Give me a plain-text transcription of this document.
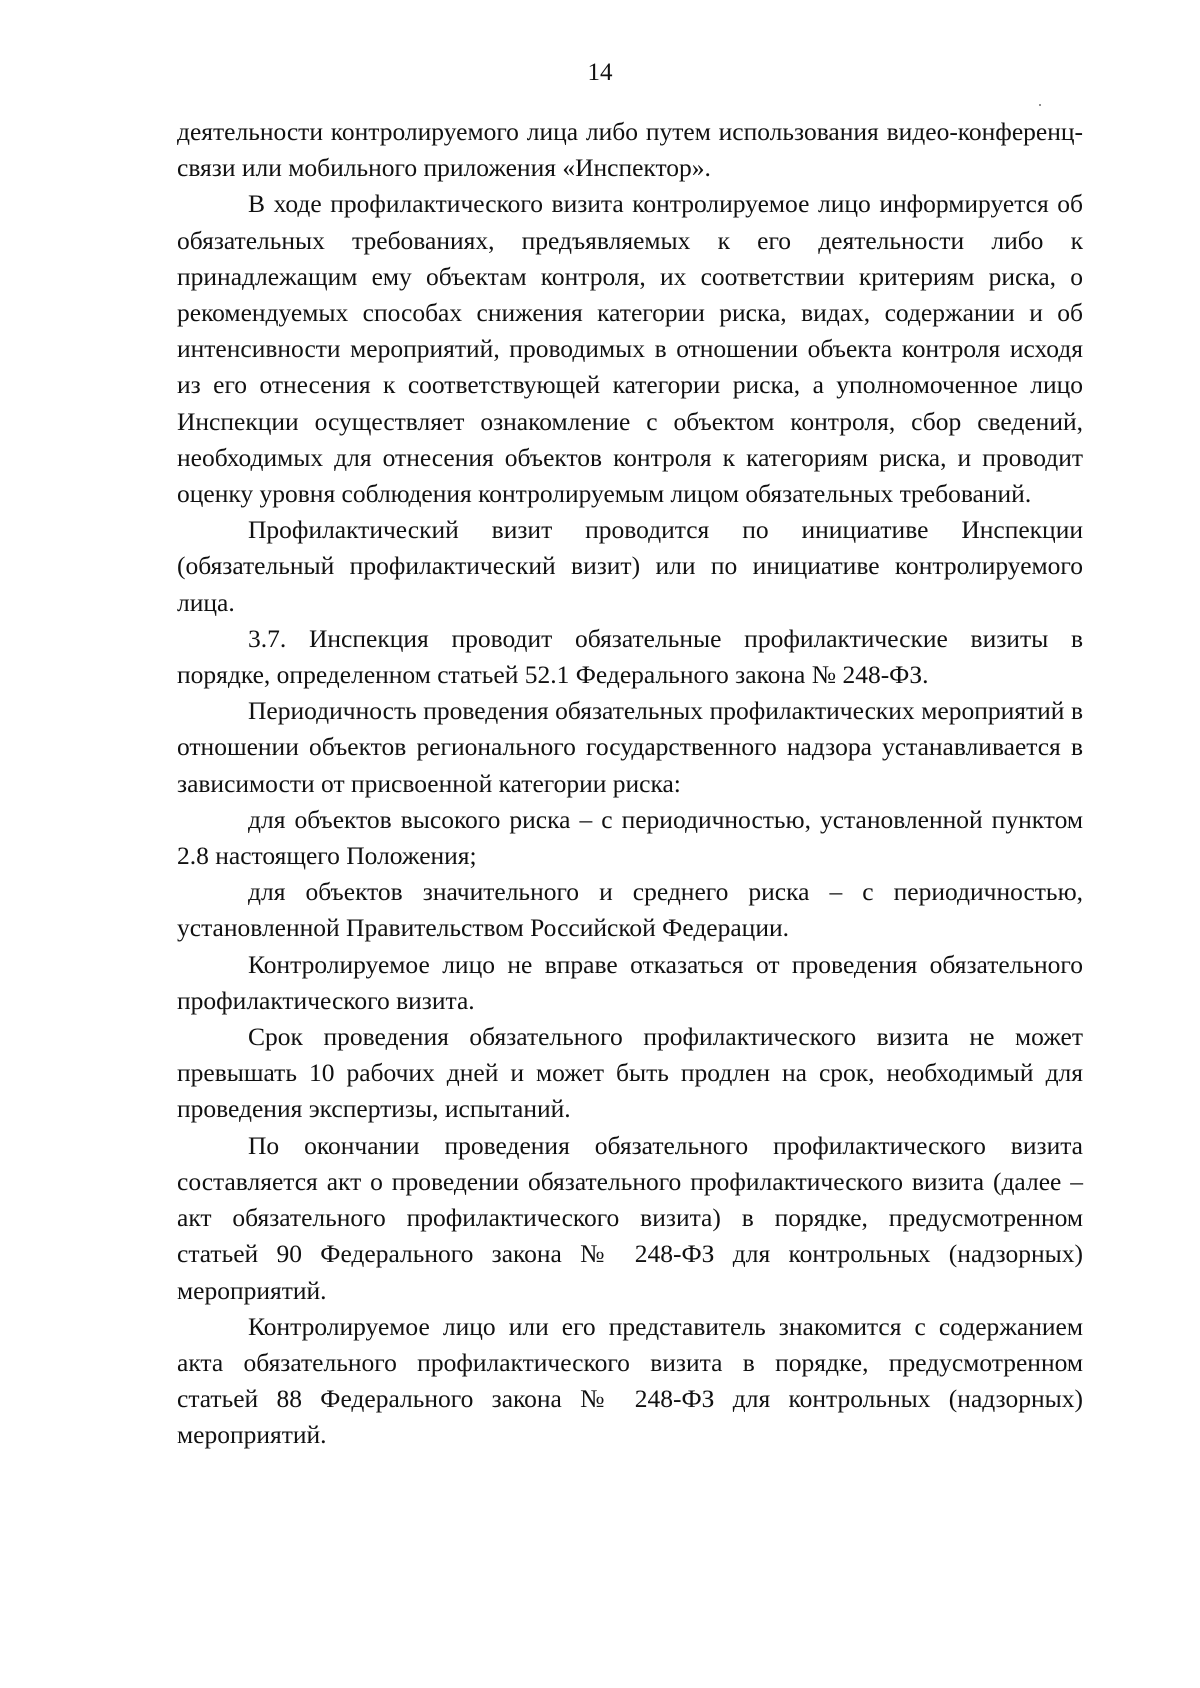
14

деятельности контролируемого лица либо путем использования видео-конференц-связи или мобильного приложения «Инспектор».

В ходе профилактического визита контролируемое лицо информируется об обязательных требованиях, предъявляемых к его деятельности либо к принадлежащим ему объектам контроля, их соответствии критериям риска, о рекомендуемых способах снижения категории риска, видах, содержании и об интенсивности мероприятий, проводимых в отношении объекта контроля исходя из его отнесения к соответствующей категории риска, а уполномоченное лицо Инспекции осуществляет ознакомление с объектом контроля, сбор сведений, необходимых для отнесения объектов контроля к категориям риска, и проводит оценку уровня соблюдения контролируемым лицом обязательных требований.

Профилактический визит проводится по инициативе Инспекции (обязательный профилактический визит) или по инициативе контролируемого лица.

3.7. Инспекция проводит обязательные профилактические визиты в порядке, определенном статьей 52.1 Федерального закона № 248-ФЗ.

Периодичность проведения обязательных профилактических мероприятий в отношении объектов регионального государственного надзора устанавливается в зависимости от присвоенной категории риска:

для объектов высокого риска – с периодичностью, установленной пунктом 2.8 настоящего Положения;

для объектов значительного и среднего риска – с периодичностью, установленной Правительством Российской Федерации.

Контролируемое лицо не вправе отказаться от проведения обязательного профилактического визита.

Срок проведения обязательного профилактического визита не может превышать 10 рабочих дней и может быть продлен на срок, необходимый для проведения экспертизы, испытаний.

По окончании проведения обязательного профилактического визита составляется акт о проведении обязательного профилактического визита (далее – акт обязательного профилактического визита) в порядке, предусмотренном статьей 90 Федерального закона № 248-ФЗ для контрольных (надзорных) мероприятий.

Контролируемое лицо или его представитель знакомится с содержанием акта обязательного профилактического визита в порядке, предусмотренном статьей 88 Федерального закона № 248-ФЗ для контрольных (надзорных) мероприятий.
